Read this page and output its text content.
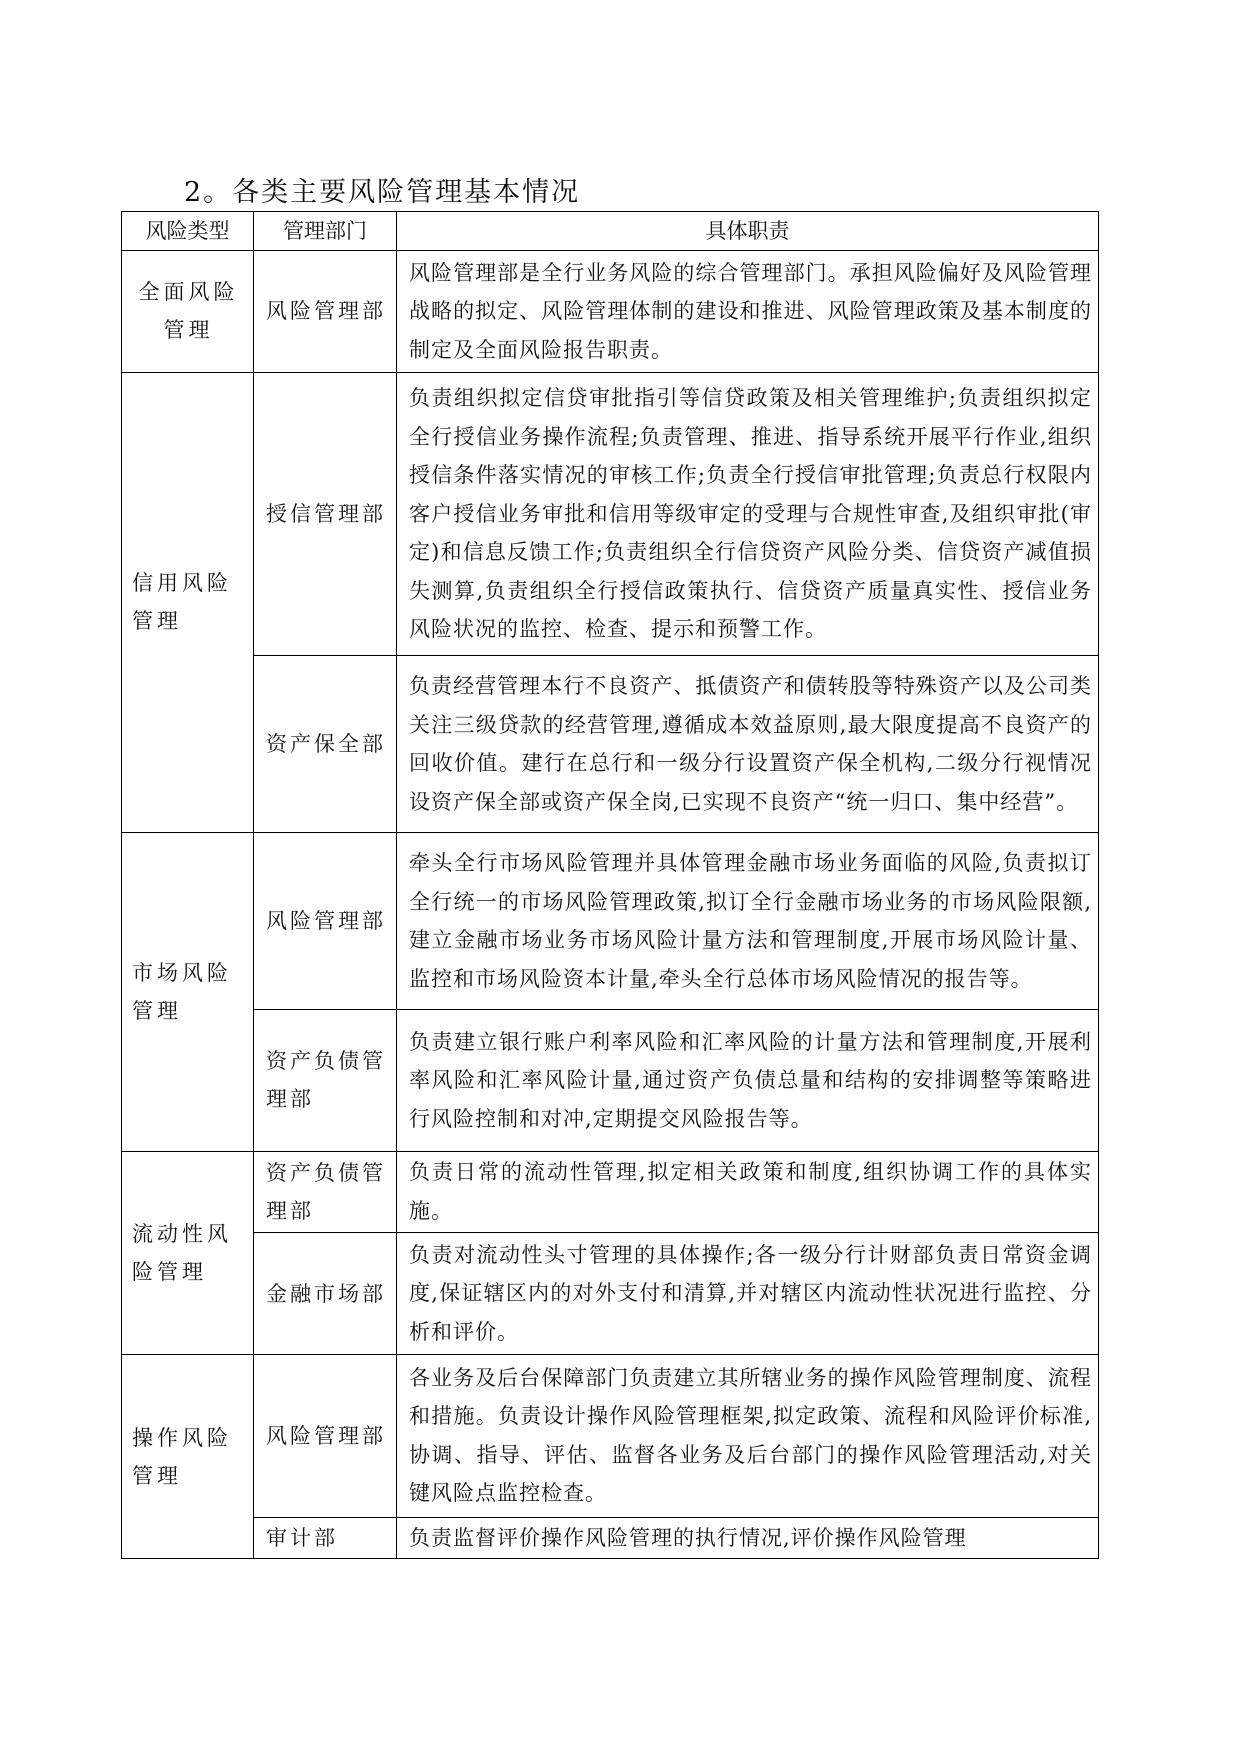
2。各类主要风险管理基本情况
风险类型	管理部门	具体职责
全面风险管理	风险管理部	风险管理部是全行业务风险的综合管理部门。承担风险偏好及风险管理战略的拟定、风险管理体制的建设和推进、风险管理政策及基本制度的制定及全面风险报告职责。
信用风险管理	授信管理部	负责组织拟定信贷审批指引等信贷政策及相关管理维护;负责组织拟定全行授信业务操作流程;负责管理、推进、指导系统开展平行作业,组织授信条件落实情况的审核工作;负责全行授信审批管理;负责总行权限内客户授信业务审批和信用等级审定的受理与合规性审查,及组织审批(审定)和信息反馈工作;负责组织全行信贷资产风险分类、信贷资产减值损失测算,负责组织全行授信政策执行、信贷资产质量真实性、授信业务风险状况的监控、检查、提示和预警工作。
	资产保全部	负责经营管理本行不良资产、抵债资产和债转股等特殊资产以及公司类关注三级贷款的经营管理,遵循成本效益原则,最大限度提高不良资产的回收价值。建行在总行和一级分行设置资产保全机构,二级分行视情况设资产保全部或资产保全岗,已实现不良资产“统一归口、集中经营”。
市场风险管理	风险管理部	牵头全行市场风险管理并具体管理金融市场业务面临的风险,负责拟订全行统一的市场风险管理政策,拟订全行金融市场业务的市场风险限额,建立金融市场业务市场风险计量方法和管理制度,开展市场风险计量、监控和市场风险资本计量,牵头全行总体市场风险情况的报告等。
	资产负债管理部	负责建立银行账户利率风险和汇率风险的计量方法和管理制度,开展利率风险和汇率风险计量,通过资产负债总量和结构的安排调整等策略进行风险控制和对冲,定期提交风险报告等。
流动性风险管理	资产负债管理部	负责日常的流动性管理,拟定相关政策和制度,组织协调工作的具体实施。
	金融市场部	负责对流动性头寸管理的具体操作;各一级分行计财部负责日常资金调度,保证辖区内的对外支付和清算,并对辖区内流动性状况进行监控、分析和评价。
操作风险管理	风险管理部	各业务及后台保障部门负责建立其所辖业务的操作风险管理制度、流程和措施。负责设计操作风险管理框架,拟定政策、流程和风险评价标准,协调、指导、评估、监督各业务及后台部门的操作风险管理活动,对关键风险点监控检查。
	审计部	负责监督评价操作风险管理的执行情况,评价操作风险管理
